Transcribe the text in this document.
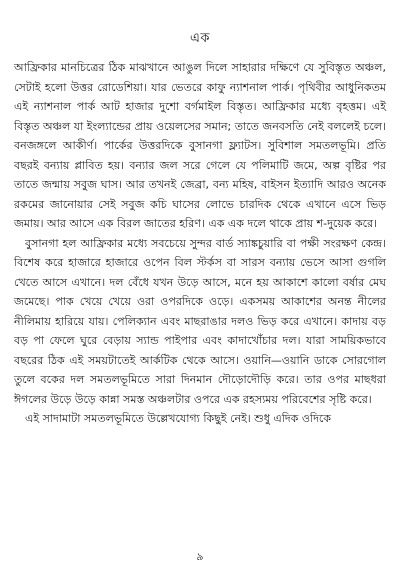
এক

আফ্রিকার মানচিত্রের ঠিক মাঝখানে আঙুল দিলে সাহারার দক্ষিণে যে সুবিস্তৃত অঞ্চল, সেটাই হলো উত্তর রোডেশিয়া। যার ভেতরে কাফু ন্যাশনাল পার্ক। পৃথিবীর আধুনিকতম এই ন্যাশনাল পার্ক আট হাজার দুশো বর্গমাইল বিস্তৃত। আফ্রিকার মধ্যে বৃহত্তম। এই বিস্তৃত অঞ্চল যা ইংল্যান্ডের প্রায় ওয়েলসের সমান; তাতে জনবসতি নেই বললেই চলে। বনজঙ্গলে আকীর্ণ। পার্কের উত্তরদিকে বুসানগা ফ্ল্যাটস। সুবিশাল সমতলভূমি। প্রতি বছরই বন্যায় প্লাবিত হয়। বন্যার জল সরে গেলে যে পলিমাটি জমে, অল্প বৃষ্টির পর তাতে জন্মায় সবুজ ঘাস। আর তখনই জেব্রা, বন্য মহিষ, বাইসন ইত্যাদি আরও অনেক রকমের জানোয়ার সেই সবুজ কচি ঘাসের লোভে চারদিক থেকে এখানে এসে ভিড় জমায়। আর আসে এক বিরল জাতের হরিণ। এক এক দলে থাকে প্রায় শ-দুয়েক করে।

বুসানগা হল আফ্রিকার মধ্যে সবচেয়ে সুন্দর বার্ড স্যাঙ্কচুয়ারি বা পক্ষী সংরক্ষণ কেন্দ্র। বিশেষ করে হাজারে হাজারে ওপেন বিল স্টর্কস বা সারস বন্যায় ভেসে আসা গুগলি খেতে আসে এখানে। দল বেঁধে যখন উড়ে আসে, মনে হয় আকাশে কালো বর্ষার মেঘ জমেছে। পাক খেয়ে খেয়ে ওরা ওপরদিকে ওড়ে। একসময় আকাশের অনন্ত নীলের নীলিমায় হারিয়ে যায়। পেলিক্যান এবং মাছরাঙার দলও ভিড় করে এখানে। কাদায় বড় বড় পা ফেলে ঘুরে বেড়ায় স্যান্ড পাইপার এবং কাদাখোঁচার দল। যারা সাময়িকভাবে বছরের ঠিক এই সময়টাতেই আর্কটিক থেকে আসে। ওয়ানি—ওয়ানি ডাকে সোরগোল তুলে বকের দল সমতলভূমিতে সারা দিনমান দৌড়োদৌড়ি করে। তার ওপর মাছধরা ঈগলের উড়ে উড়ে কান্না সমস্ত অঞ্চলটার ওপরে এক রহস্যময় পরিবেশের সৃষ্টি করে।

এই সাদামাটা সমতলভূমিতে উল্লেখযোগ্য কিছুই নেই। শুধু এদিক ওদিকে

৯
